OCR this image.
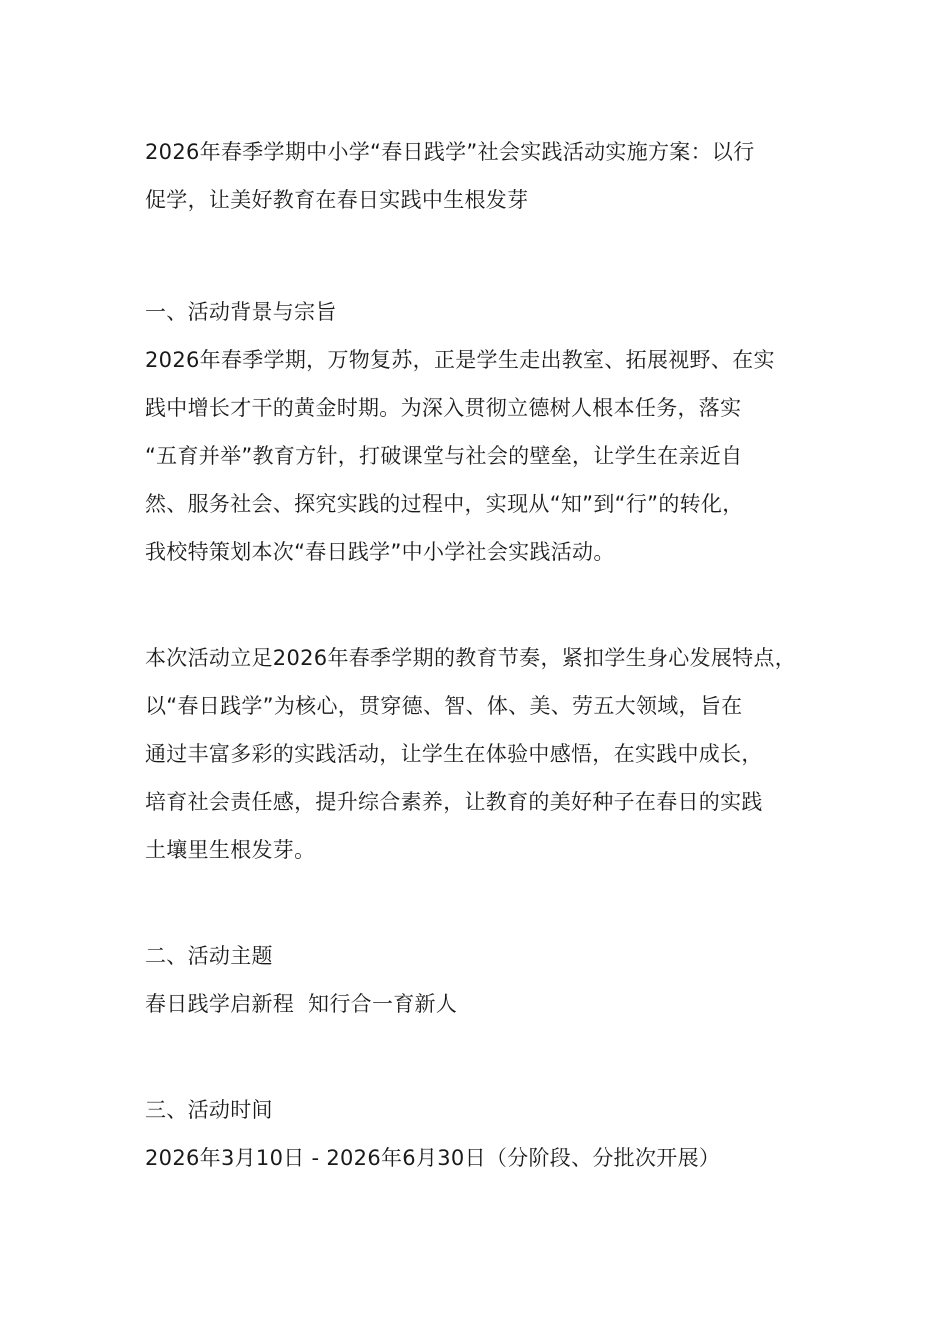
2026年春季学期中小学“春日践学”社会实践活动实施方案：以行
促学，让美好教育在春日实践中生根发芽
一、活动背景与宗旨
2026年春季学期，万物复苏，正是学生走出教室、拓展视野、在实
践中增长才干的黄金时期。为深入贯彻立德树人根本任务，落实
“五育并举”教育方针，打破课堂与社会的壁垒，让学生在亲近自
然、服务社会、探究实践的过程中，实现从“知”到“行”的转化，
我校特策划本次“春日践学”中小学社会实践活动。
本次活动立足2026年春季学期的教育节奏，紧扣学生身心发展特点，
以“春日践学”为核心，贯穿德、智、体、美、劳五大领域，旨在
通过丰富多彩的实践活动，让学生在体验中感悟，在实践中成长，
培育社会责任感，提升综合素养，让教育的美好种子在春日的实践
土壤里生根发芽。
二、活动主题
春日践学启新程  知行合一育新人
三、活动时间
2026年3月10日 - 2026年6月30日（分阶段、分批次开展）
